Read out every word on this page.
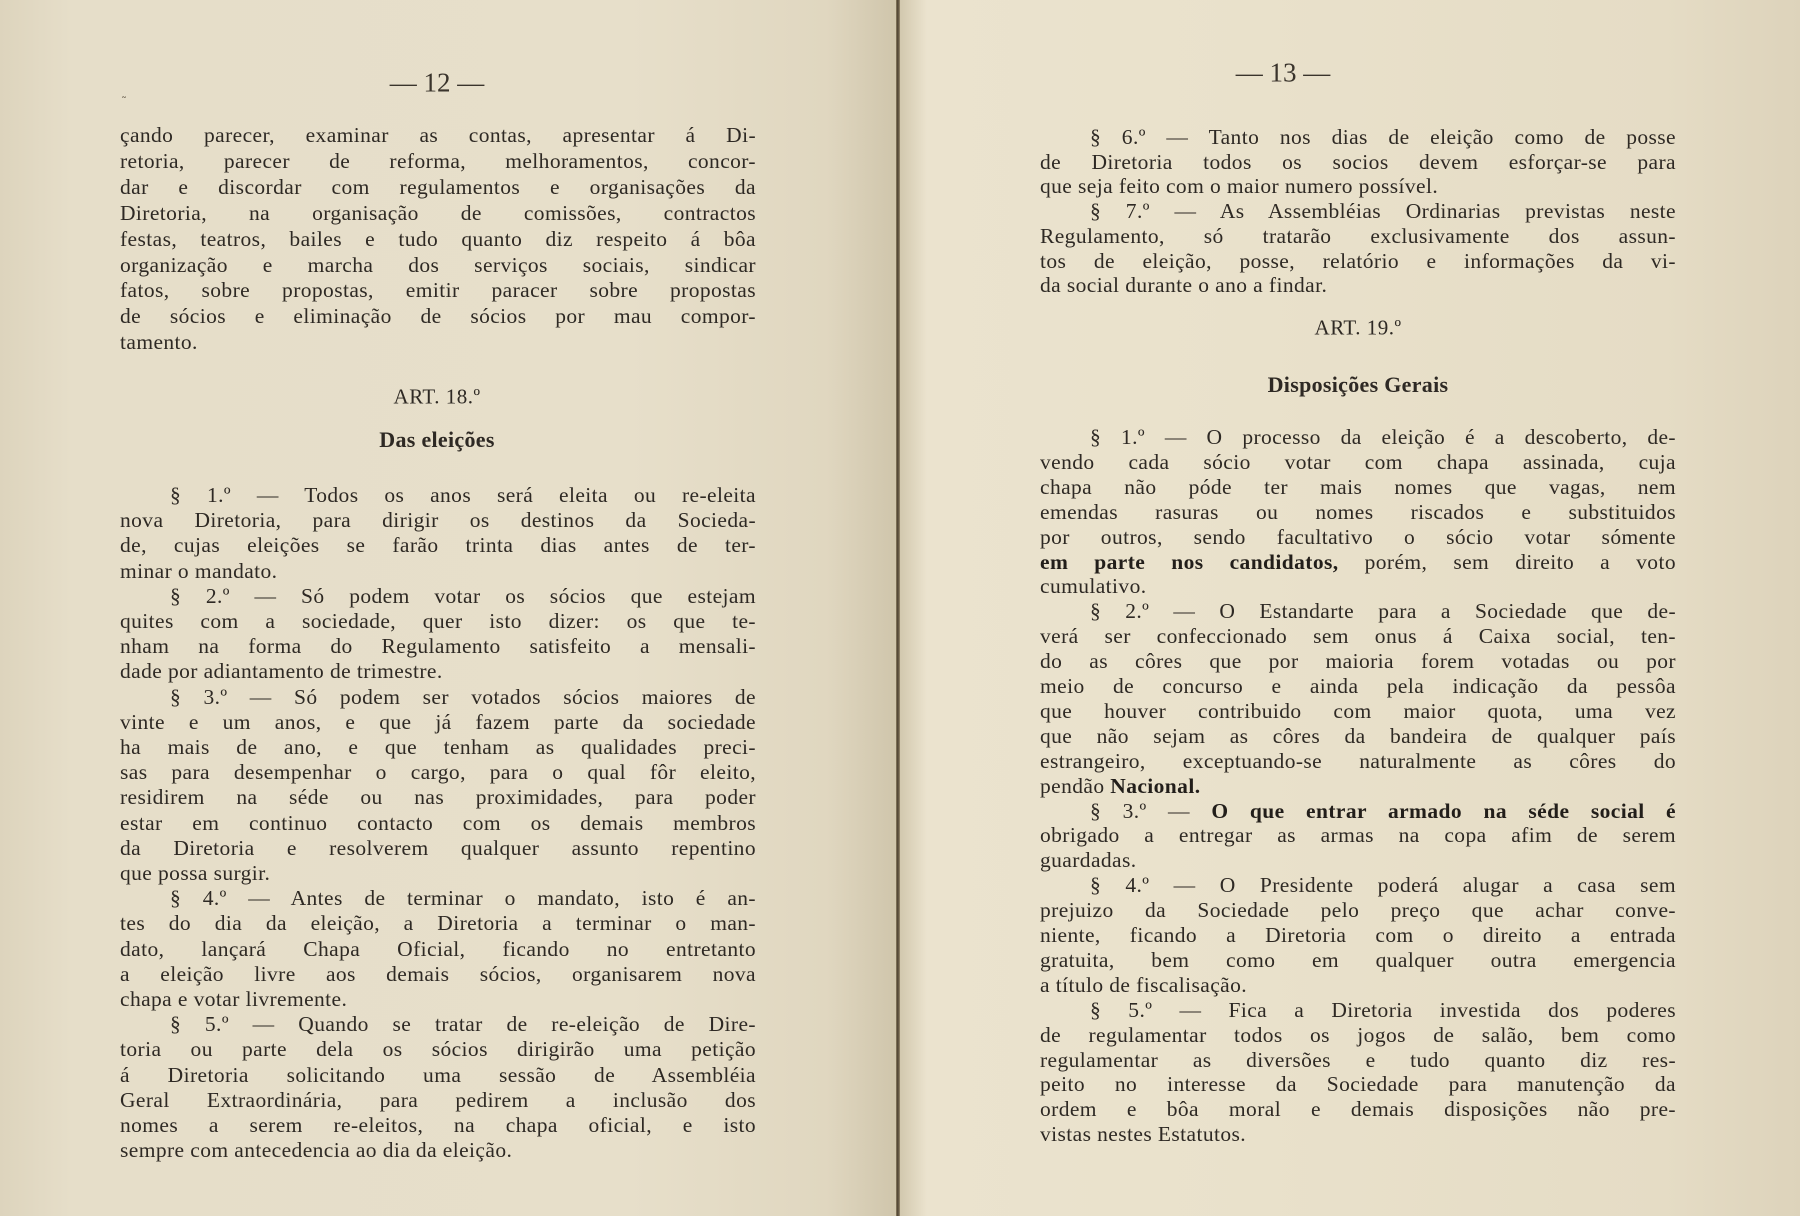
˜
— 12 —	— 13 —
çando parecer, examinar as contas, apresentar á Di-
retoria, parecer de reforma, melhoramentos, concor-
dar e discordar com regulamentos e organisações da
Diretoria, na organisação de comissões, contractos
festas, teatros, bailes e tudo quanto diz respeito á bôa
organização e marcha dos serviços sociais, sindicar
fatos, sobre propostas, emitir paracer sobre propostas
de sócios e eliminação de sócios por mau compor-
tamento.
ART. 18.º
Das eleições
§ 1.º — Todos os anos será eleita ou re-eleita
nova Diretoria, para dirigir os destinos da Socieda-
de, cujas eleições se farão trinta dias antes de ter-
minar o mandato.
§ 2.º — Só podem votar os sócios que estejam
quites com a sociedade, quer isto dizer: os que te-
nham na forma do Regulamento satisfeito a mensali-
dade por adiantamento de trimestre.
§ 3.º — Só podem ser votados sócios maiores de
vinte e um anos, e que já fazem parte da sociedade
ha mais de ano, e que tenham as qualidades preci-
sas para desempenhar o cargo, para o qual fôr eleito,
residirem na séde ou nas proximidades, para poder
estar em continuo contacto com os demais membros
da Diretoria e resolverem qualquer assunto repentino
que possa surgir.
§ 4.º — Antes de terminar o mandato, isto é an-
tes do dia da eleição, a Diretoria a terminar o man-
dato, lançará Chapa Oficial, ficando no entretanto
a eleição livre aos demais sócios, organisarem nova
chapa e votar livremente.
§ 5.º — Quando se tratar de re-eleição de Dire-
toria ou parte dela os sócios dirigirão uma petição
á Diretoria solicitando uma sessão de Assembléia
Geral Extraordinária, para pedirem a inclusão dos
nomes a serem re-eleitos, na chapa oficial, e isto
sempre com antecedencia ao dia da eleição.
§ 6.º — Tanto nos dias de eleição como de posse
de Diretoria todos os socios devem esforçar-se para
que seja feito com o maior numero possível.
§ 7.º — As Assembléias Ordinarias previstas neste
Regulamento, só tratarão exclusivamente dos assun-
tos de eleição, posse, relatório e informações da vi-
da social durante o ano a findar.
ART. 19.º
Disposições Gerais
§ 1.º — O processo da eleição é a descoberto, de-
vendo cada sócio votar com chapa assinada, cuja
chapa não póde ter mais nomes que vagas, nem
emendas rasuras ou nomes riscados e substituidos
por outros, sendo facultativo o sócio votar sómente
em parte nos candidatos, porém, sem direito a voto
cumulativo.
§ 2.º — O Estandarte para a Sociedade que de-
verá ser confeccionado sem onus á Caixa social, ten-
do as côres que por maioria forem votadas ou por
meio de concurso e ainda pela indicação da pessôa
que houver contribuido com maior quota, uma vez
que não sejam as côres da bandeira de qualquer país
estrangeiro, exceptuando-se naturalmente as côres do
pendão Nacional.
§ 3.º — O que entrar armado na séde social é
obrigado a entregar as armas na copa afim de serem
guardadas.
§ 4.º — O Presidente poderá alugar a casa sem
prejuizo da Sociedade pelo preço que achar conve-
niente, ficando a Diretoria com o direito a entrada
gratuita, bem como em qualquer outra emergencia
a título de fiscalisação.
§ 5.º — Fica a Diretoria investida dos poderes
de regulamentar todos os jogos de salão, bem como
regulamentar as diversões e tudo quanto diz res-
peito no interesse da Sociedade para manutenção da
ordem e bôa moral e demais disposições não pre-
vistas nestes Estatutos.
